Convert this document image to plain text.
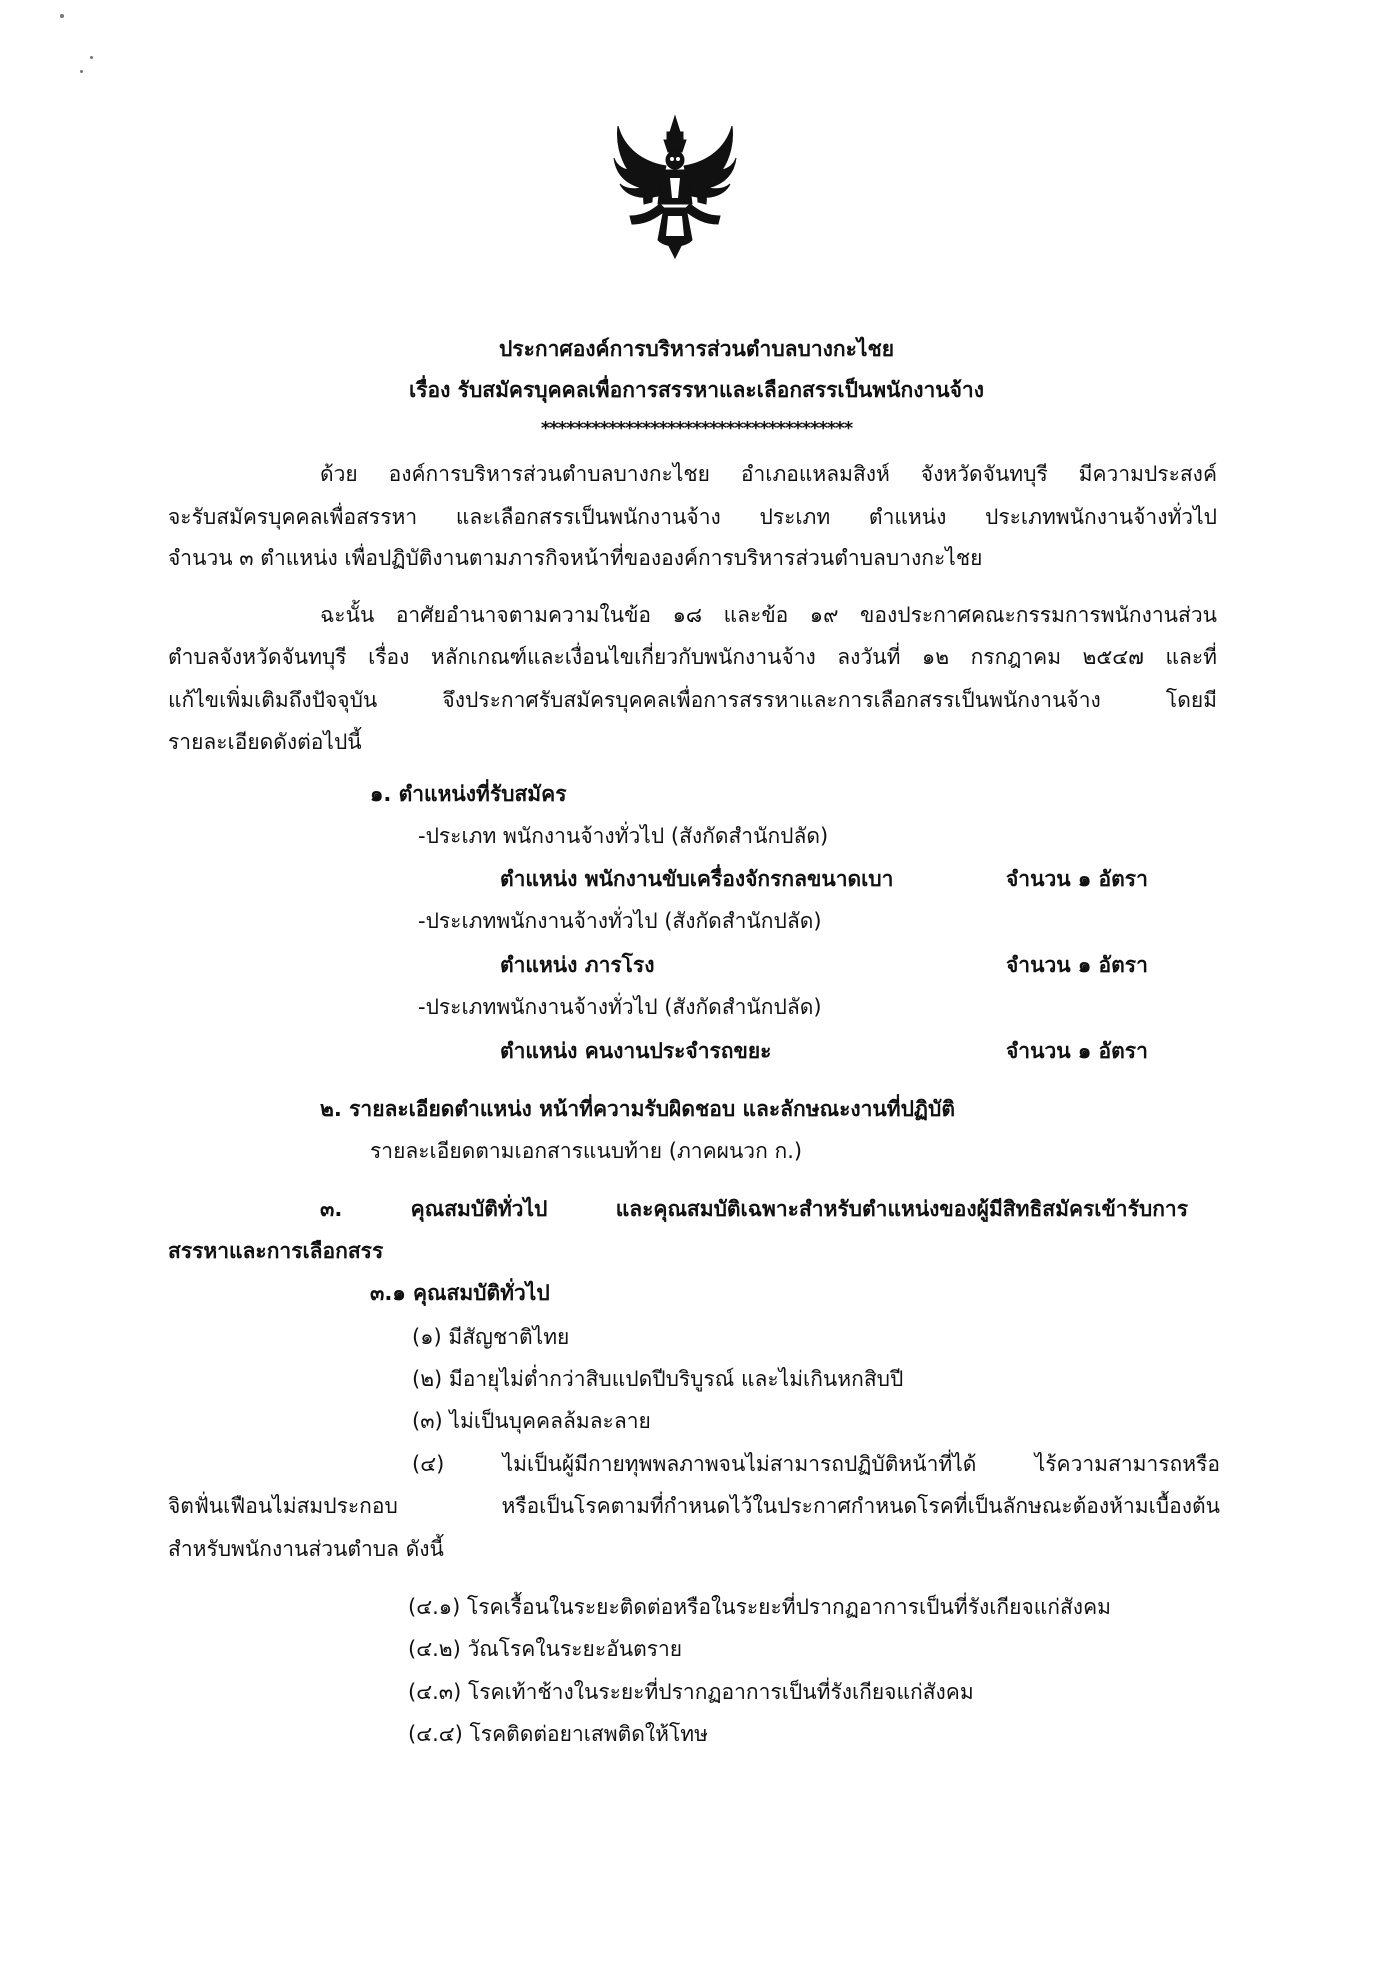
ประกาศองค์การบริหารส่วนตำบลบางกะไชย
เรื่อง รับสมัครบุคคลเพื่อการสรรหาและเลือกสรรเป็นพนักงานจ้าง
*************************************
ด้วย องค์การบริหารส่วนตำบลบางกะไชย อำเภอแหลมสิงห์ จังหวัดจันทบุรี มีความประสงค์
จะรับสมัครบุคคลเพื่อสรรหา และเลือกสรรเป็นพนักงานจ้าง ประเภท ตำแหน่ง ประเภทพนักงานจ้างทั่วไป
จำนวน ๓ ตำแหน่ง เพื่อปฏิบัติงานตามภารกิจหน้าที่ขององค์การบริหารส่วนตำบลบางกะไชย
ฉะนั้น อาศัยอำนาจตามความในข้อ ๑๘ และข้อ ๑๙ ของประกาศคณะกรรมการพนักงานส่วน
ตำบลจังหวัดจันทบุรี เรื่อง หลักเกณฑ์และเงื่อนไขเกี่ยวกับพนักงานจ้าง ลงวันที่ ๑๒ กรกฎาคม ๒๕๔๗ และที่
แก้ไขเพิ่มเติมถึงปัจจุบัน จึงประกาศรับสมัครบุคคลเพื่อการสรรหาและการเลือกสรรเป็นพนักงานจ้าง โดยมี
รายละเอียดดังต่อไปนี้
๑. ตำแหน่งที่รับสมัคร
-ประเภท พนักงานจ้างทั่วไป (สังกัดสำนักปลัด)
ตำแหน่ง พนักงานขับเครื่องจักรกลขนาดเบา	จำนวน ๑ อัตรา
-ประเภทพนักงานจ้างทั่วไป (สังกัดสำนักปลัด)
ตำแหน่ง ภารโรง	จำนวน ๑ อัตรา
-ประเภทพนักงานจ้างทั่วไป (สังกัดสำนักปลัด)
ตำแหน่ง คนงานประจำรถขยะ	จำนวน ๑ อัตรา
๒. รายละเอียดตำแหน่ง หน้าที่ความรับผิดชอบ และลักษณะงานที่ปฏิบัติ
รายละเอียดตามเอกสารแนบท้าย (ภาคผนวก ก.)
๓. คุณสมบัติทั่วไป และคุณสมบัติเฉพาะสำหรับตำแหน่งของผู้มีสิทธิสมัครเข้ารับการ
สรรหาและการเลือกสรร
๓.๑ คุณสมบัติทั่วไป
(๑) มีสัญชาติไทย
(๒) มีอายุไม่ต่ำกว่าสิบแปดปีบริบูรณ์ และไม่เกินหกสิบปี
(๓) ไม่เป็นบุคคลล้มละลาย
(๔) ไม่เป็นผู้มีกายทุพพลภาพจนไม่สามารถปฏิบัติหน้าที่ได้ ไร้ความสามารถหรือ
จิตฟั่นเฟือนไม่สมประกอบ หรือเป็นโรคตามที่กำหนดไว้ในประกาศกำหนดโรคที่เป็นลักษณะต้องห้ามเบื้องต้น
สำหรับพนักงานส่วนตำบล ดังนี้
(๔.๑) โรคเรื้อนในระยะติดต่อหรือในระยะที่ปรากฏอาการเป็นที่รังเกียจแก่สังคม
(๔.๒) วัณโรคในระยะอันตราย
(๔.๓) โรคเท้าช้างในระยะที่ปรากฏอาการเป็นที่รังเกียจแก่สังคม
(๔.๔) โรคติดต่อยาเสพติดให้โทษ
